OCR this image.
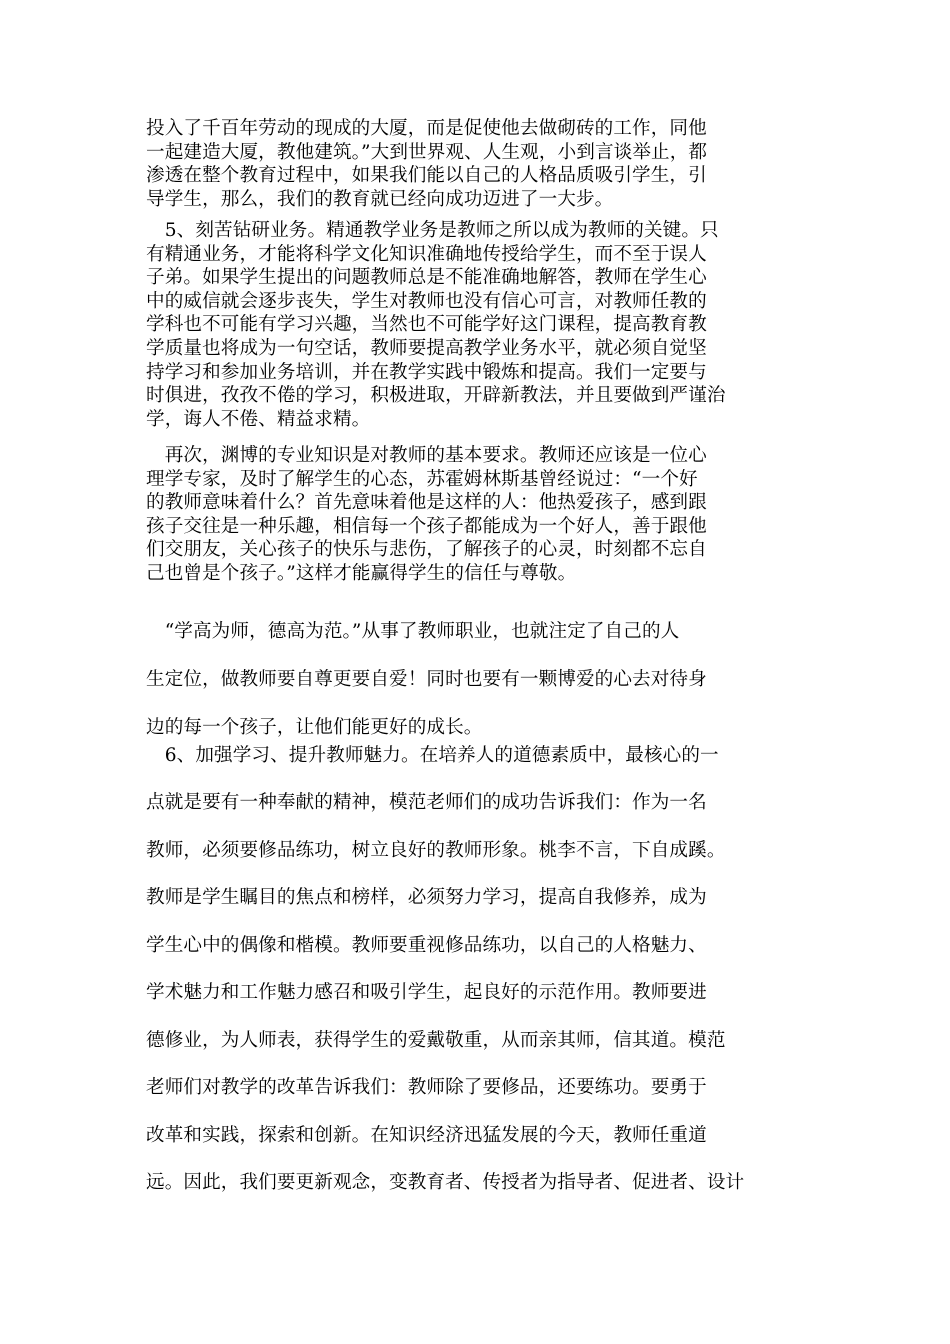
投入了千百年劳动的现成的大厦，而是促使他去做砌砖的工作，同他
一起建造大厦，教他建筑。”大到世界观、人生观，小到言谈举止，都
渗透在整个教育过程中，如果我们能以自己的人格品质吸引学生，引
导学生，那么，我们的教育就已经向成功迈进了一大步。
　5、刻苦钻研业务。精通教学业务是教师之所以成为教师的关键。只
有精通业务，才能将科学文化知识准确地传授给学生，而不至于误人
子弟。如果学生提出的问题教师总是不能准确地解答，教师在学生心
中的威信就会逐步丧失，学生对教师也没有信心可言，对教师任教的
学科也不可能有学习兴趣，当然也不可能学好这门课程，提高教育教
学质量也将成为一句空话，教师要提高教学业务水平，就必须自觉坚
持学习和参加业务培训，并在教学实践中锻炼和提高。我们一定要与
时俱进，孜孜不倦的学习，积极进取，开辟新教法，并且要做到严谨治
学，诲人不倦、精益求精。
　再次，渊博的专业知识是对教师的基本要求。教师还应该是一位心
理学专家，及时了解学生的心态，苏霍姆林斯基曾经说过：“一个好
的教师意味着什么？首先意味着他是这样的人：他热爱孩子，感到跟
孩子交往是一种乐趣，相信每一个孩子都能成为一个好人，善于跟他
们交朋友，关心孩子的快乐与悲伤，了解孩子的心灵，时刻都不忘自
己也曾是个孩子。”这样才能赢得学生的信任与尊敬。
　“学高为师，德高为范。”从事了教师职业，也就注定了自己的人
生定位，做教师要自尊更要自爱！同时也要有一颗博爱的心去对待身
边的每一个孩子，让他们能更好的成长。
　6、加强学习、提升教师魅力。在培养人的道德素质中，最核心的一
点就是要有一种奉献的精神，模范老师们的成功告诉我们：作为一名
教师，必须要修品练功，树立良好的教师形象。桃李不言，下自成蹊。
教师是学生瞩目的焦点和榜样，必须努力学习，提高自我修养，成为
学生心中的偶像和楷模。教师要重视修品练功，以自己的人格魅力、
学术魅力和工作魅力感召和吸引学生，起良好的示范作用。教师要进
德修业，为人师表，获得学生的爱戴敬重，从而亲其师，信其道。模范
老师们对教学的改革告诉我们：教师除了要修品，还要练功。要勇于
改革和实践，探索和创新。在知识经济迅猛发展的今天，教师任重道
远。因此，我们要更新观念，变教育者、传授者为指导者、促进者、设计
